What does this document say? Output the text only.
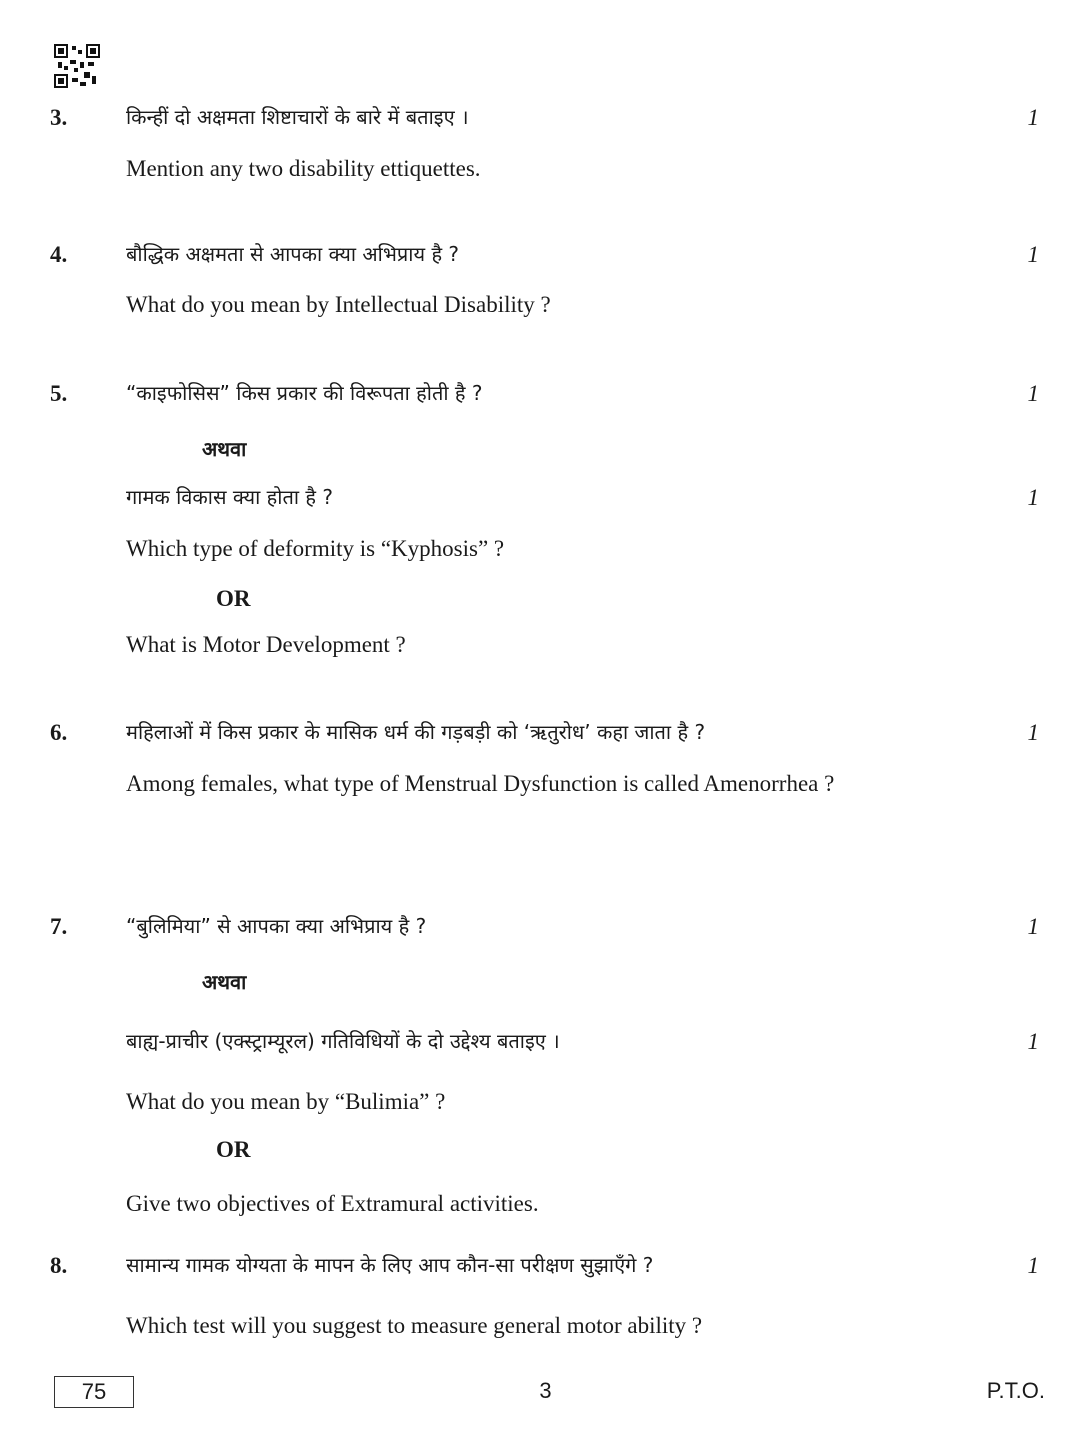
3.	किन्हीं दो अक्षमता शिष्टाचारों के बारे में बताइए ।	1
Mention any two disability ettiquettes.
4.	बौद्धिक अक्षमता से आपका क्या अभिप्राय है ?	1
What do you mean by Intellectual Disability ?
5.	“काइफोसिस” किस प्रकार की विरूपता होती है ?	1
अथवा
गामक विकास क्या होता है ?	1
Which type of deformity is “Kyphosis” ?
OR
What is Motor Development ?
6.	महिलाओं में किस प्रकार के मासिक धर्म की गड़बड़ी को ‘ऋतुरोध’ कहा जाता है ?	1
Among females, what type of Menstrual Dysfunction is called Amenorrhea ?
7.	“बुलिमिया” से आपका क्या अभिप्राय है ?	1
अथवा
बाह्य-प्राचीर (एक्स्ट्राम्यूरल) गतिविधियों के दो उद्देश्य बताइए ।	1
What do you mean by “Bulimia” ?
OR
Give two objectives of Extramural activities.
8.	सामान्य गामक योग्यता के मापन के लिए आप कौन-सा परीक्षण सुझाएँगे ?	1
Which test will you suggest to measure general motor ability ?
75	3	P.T.O.
